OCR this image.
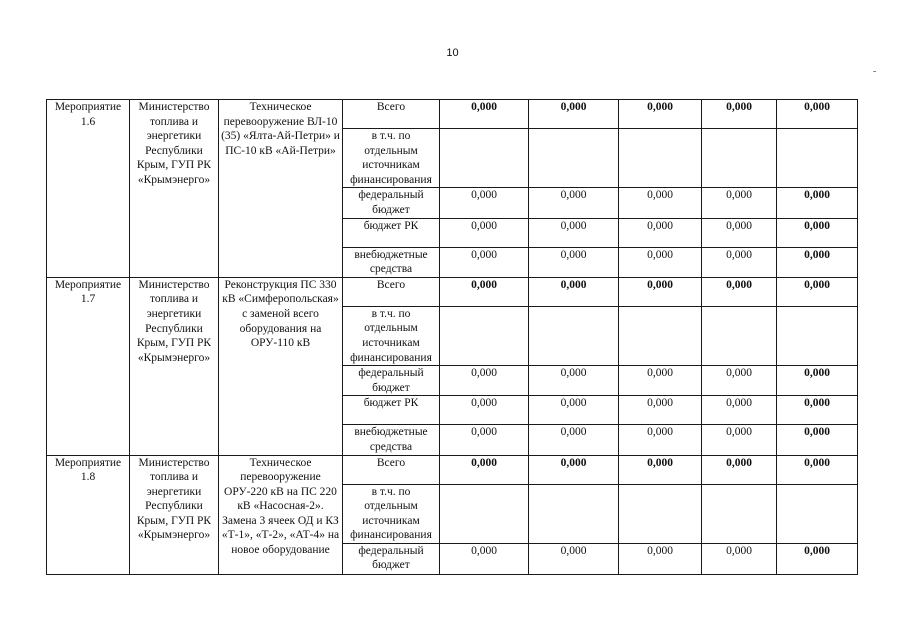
10
-
Мероприятие 1.6	Министерство топлива и энергетики Республики Крым, ГУП РК «Крымэнерго»	Техническое перевооружение ВЛ-10 (35) «Ялта-Ай-Петри» и ПС-10 кВ «Ай-Петри»	Всего	0,000	0,000	0,000	0,000	0,000
			в т.ч. по отдельным источникам финансирования					
			федеральный бюджет	0,000	0,000	0,000	0,000	0,000
			бюджет РК	0,000	0,000	0,000	0,000	0,000
			внебюджетные средства	0,000	0,000	0,000	0,000	0,000
Мероприятие 1.7	Министерство топлива и энергетики Республики Крым, ГУП РК «Крымэнерго»	Реконструкция ПС 330 кВ «Симферопольская» с заменой всего оборудования на ОРУ-110 кВ	Всего	0,000	0,000	0,000	0,000	0,000
			в т.ч. по отдельным источникам финансирования					
			федеральный бюджет	0,000	0,000	0,000	0,000	0,000
			бюджет РК	0,000	0,000	0,000	0,000	0,000
			внебюджетные средства	0,000	0,000	0,000	0,000	0,000
Мероприятие 1.8	Министерство топлива и энергетики Республики Крым, ГУП РК «Крымэнерго»	Техническое перевооружение ОРУ-220 кВ на ПС 220 кВ «Насосная-2». Замена 3 ячеек ОД и КЗ «Т-1», «Т-2», «АТ-4» на новое оборудование	Всего	0,000	0,000	0,000	0,000	0,000
			в т.ч. по отдельным источникам финансирования					
			федеральный бюджет	0,000	0,000	0,000	0,000	0,000
